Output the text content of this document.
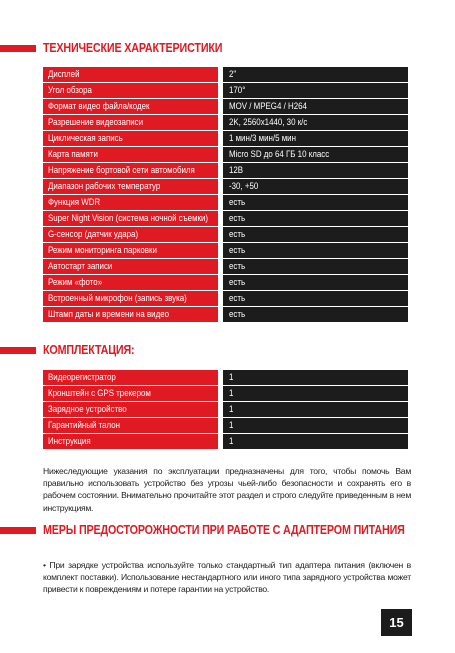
ТЕХНИЧЕСКИЕ ХАРАКТЕРИСТИКИ
Дисплей	2"
Угол обзора	170°
Формат видео файла/кодек	MOV / MPEG4 / H264
Разрешение видеозаписи	2K, 2560x1440, 30 к/с
Циклическая запись	1 мин/3 мин/5 мин
Карта памяти	Micro SD до 64 ГБ 10 класс
Напряжение бортовой сети автомобиля	12В
Диапазон рабочих температур	-30, +50
Функция WDR	есть
Super Night Vision (система ночной съемки)	есть
G-сенсор (датчик удара)	есть
Режим мониторинга парковки	есть
Автостарт записи	есть
Режим «фото»	есть
Встроенный микрофон (запись звука)	есть
Штамп даты и времени на видео	есть
КОМПЛЕКТАЦИЯ:
Видеорегистратор	1
Кронштейн с GPS трекером	1
Зарядное устройство	1
Гарантийный талон	1
Инструкция	1
Нижеследующие указания по эксплуатации предназначены для того, чтобы помочь Вам правильно использовать устройство без угрозы чьей-либо безопасности и сохранять его в рабочем состоянии. Внимательно прочитайте этот раздел и строго следуйте приведенным в нем инструкциям.
МЕРЫ ПРЕДОСТОРОЖНОСТИ ПРИ РАБОТЕ С АДАПТЕРОМ ПИТАНИЯ
• При зарядке устройства используйте только стандартный тип адаптера питания (включен в комплект поставки). Использование нестандартного или иного типа зарядного устройства может привести к повреждениям и потере гарантии на устройство.
15
